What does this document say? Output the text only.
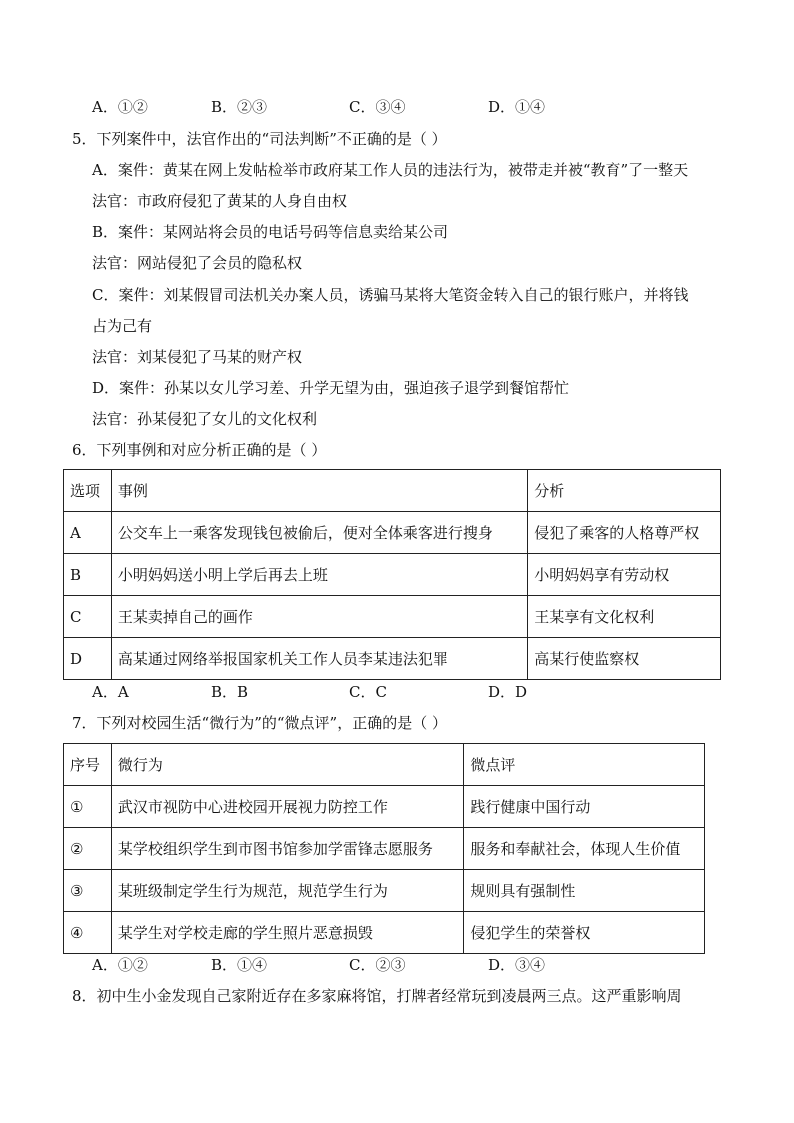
A．①②	B．②③	C．③④	D．①④
5．下列案件中，法官作出的“司法判断”不正确的是（ ）
A．案件：黄某在网上发帖检举市政府某工作人员的违法行为，被带走并被“教育”了一整天
法官：市政府侵犯了黄某的人身自由权
B．案件：某网站将会员的电话号码等信息卖给某公司
法官：网站侵犯了会员的隐私权
C．案件：刘某假冒司法机关办案人员，诱骗马某将大笔资金转入自己的银行账户，并将钱
占为己有
法官：刘某侵犯了马某的财产权
D．案件：孙某以女儿学习差、升学无望为由，强迫孩子退学到餐馆帮忙
法官：孙某侵犯了女儿的文化权利
6．下列事例和对应分析正确的是（ ）
选项	事例	分析
A	公交车上一乘客发现钱包被偷后，便对全体乘客进行搜身	侵犯了乘客的人格尊严权
B	小明妈妈送小明上学后再去上班	小明妈妈享有劳动权
C	王某卖掉自己的画作	王某享有文化权利
D	高某通过网络举报国家机关工作人员李某违法犯罪	高某行使监察权
A．A	B．B	C．C	D．D
7．下列对校园生活“微行为”的“微点评”，正确的是（ ）
序号	微行为	微点评
①	武汉市视防中心进校园开展视力防控工作	践行健康中国行动
②	某学校组织学生到市图书馆参加学雷锋志愿服务	服务和奉献社会，体现人生价值
③	某班级制定学生行为规范，规范学生行为	规则具有强制性
④	某学生对学校走廊的学生照片恶意损毁	侵犯学生的荣誉权
A．①②	B．①④	C．②③	D．③④
8．初中生小金发现自己家附近存在多家麻将馆，打牌者经常玩到凌晨两三点。这严重影响周
